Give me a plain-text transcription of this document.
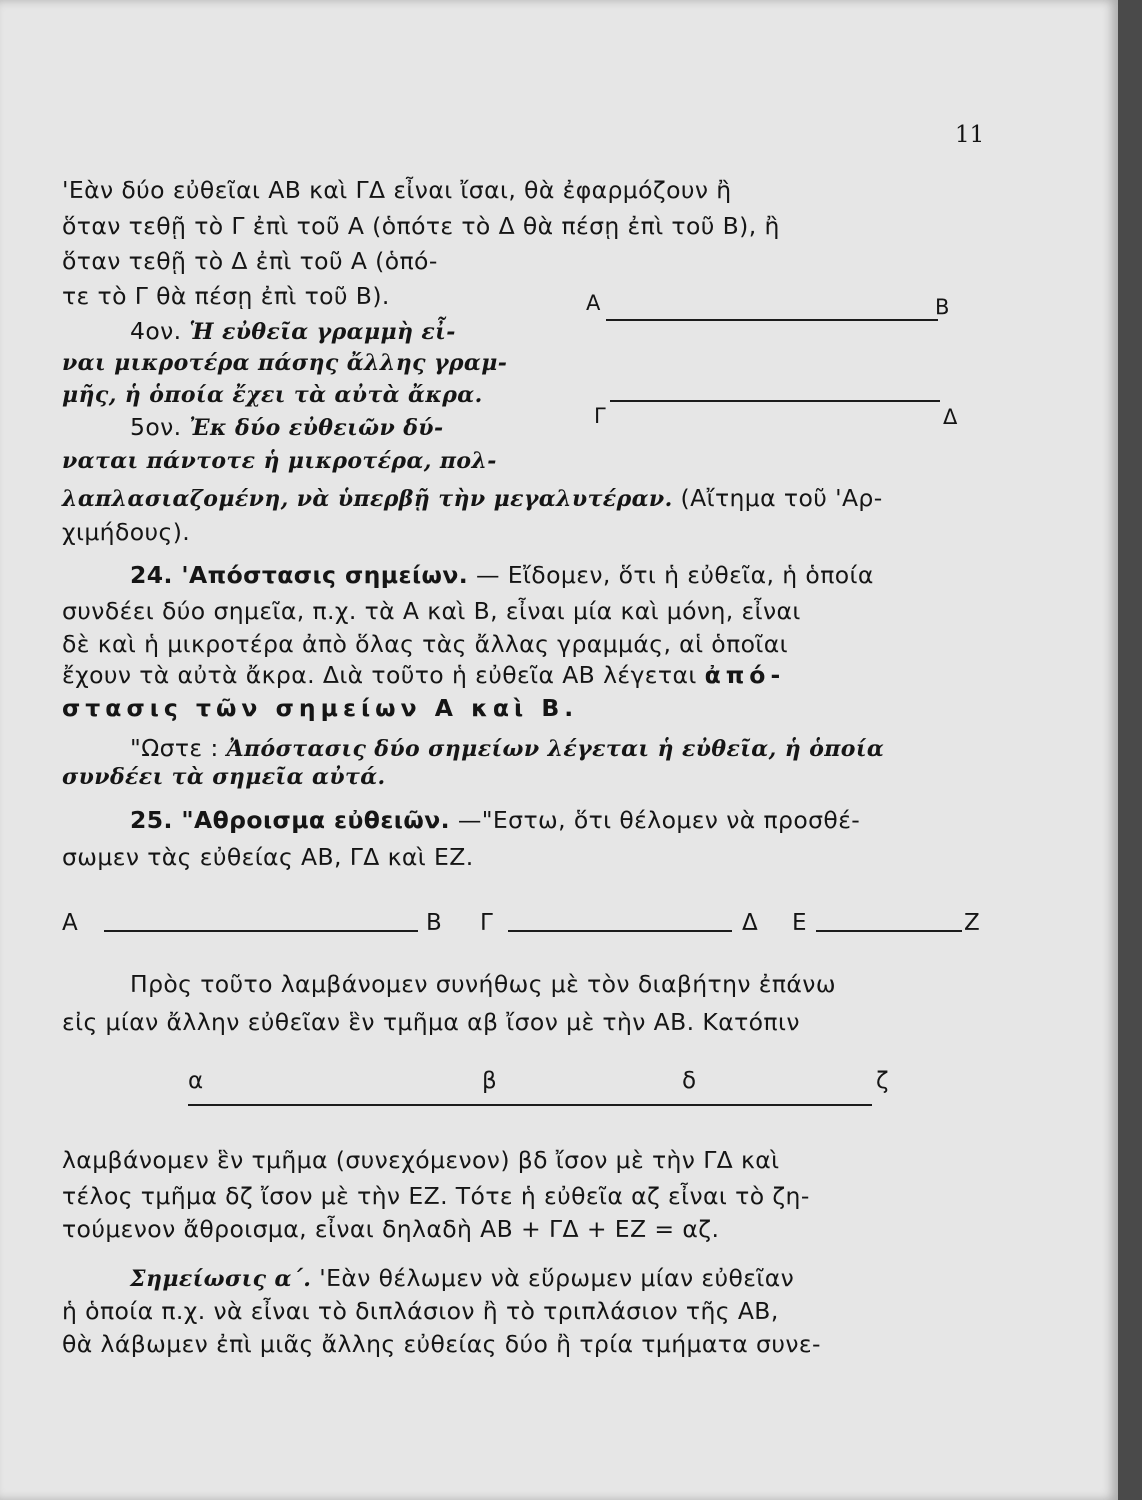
11
'Εὰν δύο εὐθεῖαι ΑΒ καὶ ΓΔ εἶναι ἴσαι, θὰ ἐφαρμόζουν ἢ
ὅταν τεθῇ τὸ Γ ἐπὶ τοῦ Α (ὁπότε τὸ Δ θὰ πέσῃ ἐπὶ τοῦ Β), ἢ
ὅταν τεθῇ τὸ Δ ἐπὶ τοῦ Α (ὁπό-
τε τὸ Γ θὰ πέσῃ ἐπὶ τοῦ Β).
4ον. Ἡ εὐθεῖα γραμμὴ εἶ-
ναι μικροτέρα πάσης ἄλλης γραμ-
μῆς, ἡ ὁποία ἔχει τὰ αὐτὰ ἄκρα.
5ον. Ἐκ δύο εὐθειῶν δύ-
ναται πάντοτε ἡ μικροτέρα, πολ-
λαπλασιαζομένη, νὰ ὑπερβῇ τὴν μεγαλυτέραν. (Αἴτημα τοῦ 'Αρ-
χιμήδους).
Α	Β
Γ	Δ
24. 'Απόστασις σημείων. — Εἴδομεν, ὅτι ἡ εὐθεῖα, ἡ ὁποία
συνδέει δύο σημεῖα, π.χ. τὰ Α καὶ Β, εἶναι μία καὶ μόνη, εἶναι
δὲ καὶ ἡ μικροτέρα ἀπὸ ὅλας τὰς ἄλλας γραμμάς, αἱ ὁποῖαι
ἔχουν τὰ αὐτὰ ἄκρα. Διὰ τοῦτο ἡ εὐθεῖα ΑΒ λέγεται ἀπό-
στασις τῶν σημείων Α καὶ Β.
"Ωστε : Ἀπόστασις δύο σημείων λέγεται ἡ εὐθεῖα, ἡ ὁποία
συνδέει τὰ σημεῖα αὐτά.
25. "Αθροισμα εὐθειῶν. —"Εστω, ὅτι θέλομεν νὰ προσθέ-
σωμεν τὰς εὐθείας ΑΒ, ΓΔ καὶ ΕΖ.
Α	Β Γ	Δ Ε	Ζ
Πρὸς τοῦτο λαμβάνομεν συνήθως μὲ τὸν διαβήτην ἐπάνω
εἰς μίαν ἄλλην εὐθεῖαν ἓν τμῆμα αβ ἴσον μὲ τὴν ΑΒ. Κατόπιν
α	β	δ	ζ
λαμβάνομεν ἓν τμῆμα (συνεχόμενον) βδ ἴσον μὲ τὴν ΓΔ καὶ
τέλος τμῆμα δζ ἴσον μὲ τὴν ΕΖ. Τότε ἡ εὐθεῖα αζ εἶναι τὸ ζη-
τούμενον ἄθροισμα, εἶναι δηλαδὴ ΑΒ + ΓΔ + ΕΖ = αζ.
Σημείωσις α΄. 'Εὰν θέλωμεν νὰ εὕρωμεν μίαν εὐθεῖαν
ἡ ὁποία π.χ. νὰ εἶναι τὸ διπλάσιον ἢ τὸ τριπλάσιον τῆς ΑΒ,
θὰ λάβωμεν ἐπὶ μιᾶς ἄλλης εὐθείας δύο ἢ τρία τμήματα συνε-
